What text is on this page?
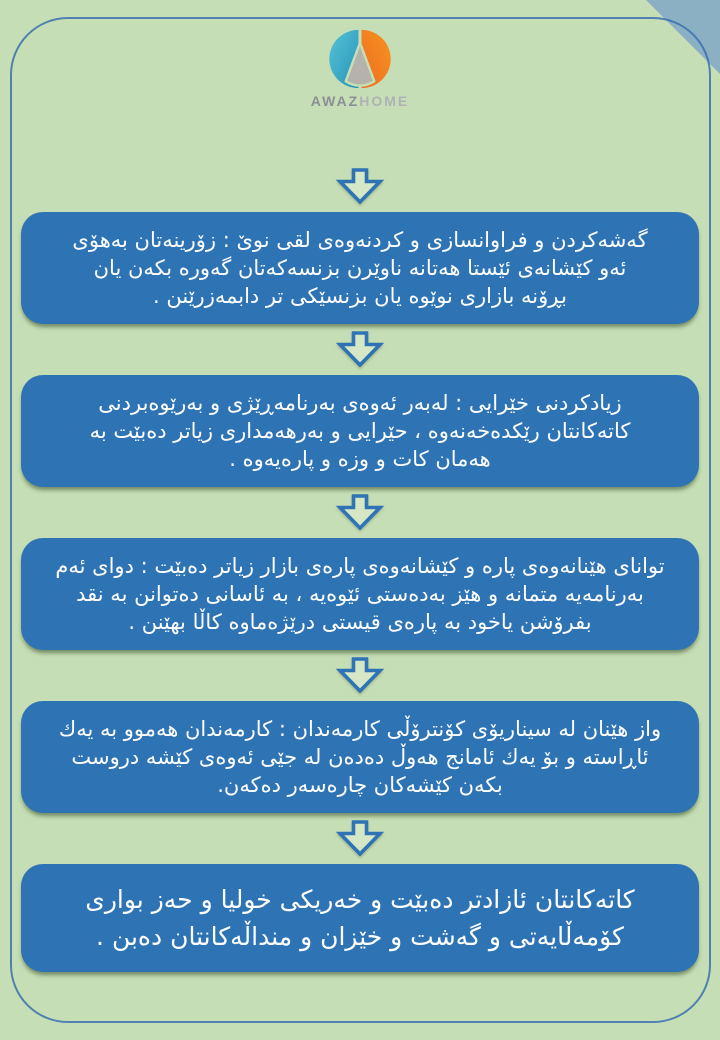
AWAZHOME
گەشەکردن و فراوانسازی و کردنەوەی لقی نوێ : زۆرینەتان بەهۆی
ئەو کێشانەی ئێستا هەتانە ناوێرن بزنسەکەتان گەورە بکەن یان
بڕۆنە بازاری نوێوە یان بزنسێکی تر دابمەزرێنن .
زیادکردنی خێرایی : لەبەر ئەوەی بەرنامەڕێژی و بەرێوەبردنی
کاتەکانتان رێکدەخەنەوە ، حێرایی و بەرهەمداری زیاتر دەبێت بە
هەمان کات و وزە و پارەیەوە .
توانای هێنانەوەی پارە و کێشانەوەی پارەی بازار زیاتر دەبێت : دوای ئەم
بەرنامەیە متمانە و هێز بەدەستی ئێوەیە ، بە ئاسانی دەتوانن بە نقد
بفرۆشن یاخود بە پارەی قیستی درێژەماوە کاڵا بهێنن .
واز هێنان لە سیناریۆی کۆنترۆڵی کارمەندان : کارمەندان هەموو بە یەك
ئاڕاستە و بۆ یەك ئامانج هەوڵ دەدەن لە جێی ئەوەی کێشە دروست
بکەن کێشەکان چارەسەر دەکەن.
کاتەکانتان ئازادتر دەبێت و خەریکی خولیا و حەز بواری
کۆمەڵایەتی و گەشت و خێزان و منداڵەکانتان دەبن .
